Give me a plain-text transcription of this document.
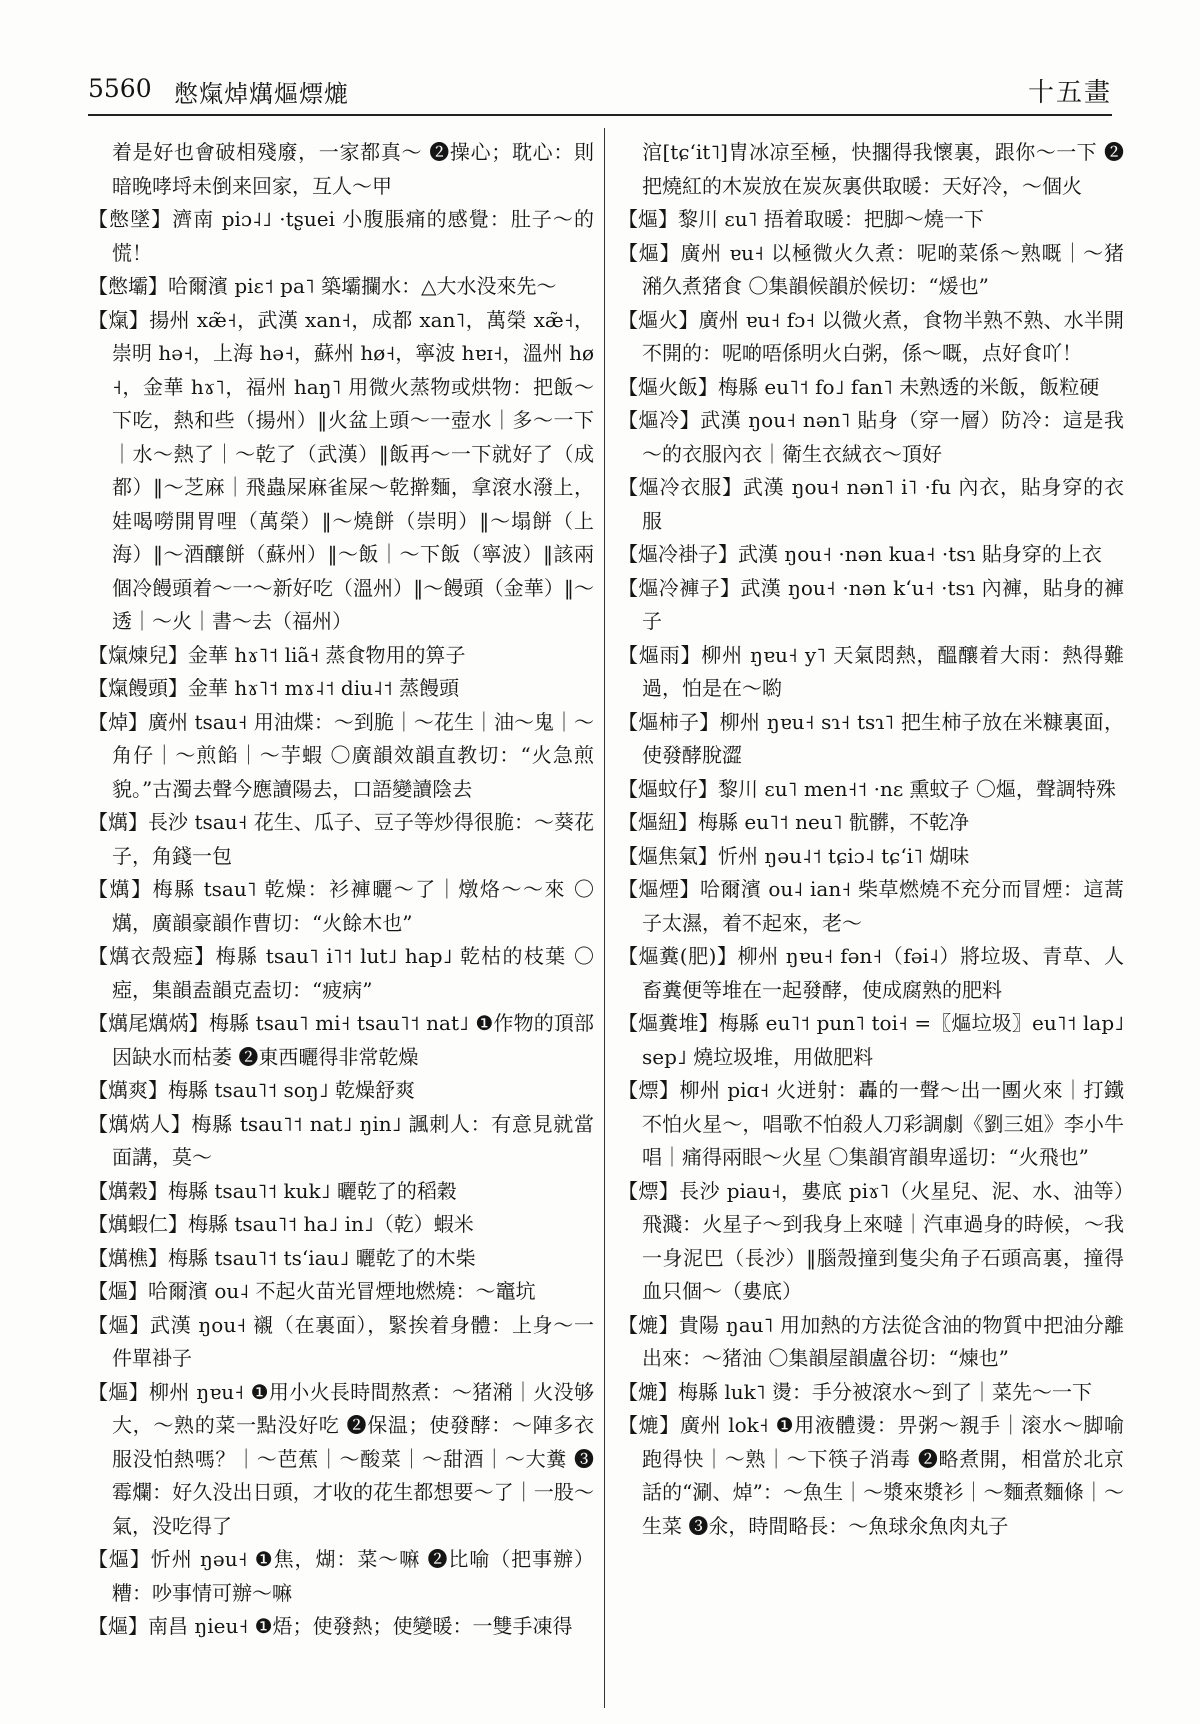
5560 憋熂焯燤熰熛熝	十五畫

着是好也會破相殘廢，一家都真～ ❷操心；耽心：則暗晚哮埒未倒来回家，互人～甲

【憋墜】濟南 piɔ˨˩ ·tʂuei 小腹脹痛的感覺：肚子～的慌！

【憋壩】哈爾濱 piɛ˦ pa˥ 築壩攔水：△大水没來先～

【熂】揚州 xæ̃˧，武漢 xan˧，成都 xan˥，萬榮 xæ̃˧，崇明 hə˧，上海 hə˧，蘇州 hø˧，寧波 hɐɪ˧，溫州 hø˧，金華 hɤ˥，福州 haŋ˥ 用微火蒸物或烘物：把飯～下吃，熱和些（揚州）‖火盆上頭～一壺水｜多～一下｜水～熱了｜～乾了（武漢）‖飯再～一下就好了（成都）‖～芝麻｜飛蟲屎麻雀屎～乾擀麵，拿滾水潑上，娃喝嘮開胃哩（萬榮）‖～燒餅（崇明）‖～塌餅（上海）‖～酒釀餅（蘇州）‖～飯｜～下飯（寧波）‖該兩個冷饅頭着～一～新好吃（溫州）‖～饅頭（金華）‖～透｜～火｜書～去（福州）

【熂煉兒】金華 hɤ˥˦ liã˧ 蒸食物用的箅子

【熂饅頭】金華 hɤ˥˦ mɤ˨˦ diu˨˦ 蒸饅頭

【焯】廣州 tsau˧ 用油煠：～到脆｜～花生｜油～鬼｜～角仔｜～煎餡｜～芋蝦 〇廣韻效韻直教切：“火急煎貌。”古濁去聲今應讀陽去，口語變讀陰去

【燤】長沙 tsau˧ 花生、瓜子、豆子等炒得很脆：～葵花子，角錢一包

【燤】梅縣 tsau˥ 乾燥：衫褲曬～了｜燉烙～～來 〇燤，廣韻豪韻作曹切：“火餘木也”

【燤衣殼瘂】梅縣 tsau˥ i˥˦ lut˩ hap˩ 乾枯的枝葉 〇瘂，集韻盍韻克盍切：“疲病”

【燤尾燤焫】梅縣 tsau˥ mi˧ tsau˥˦ nat˩ ❶作物的頂部因缺水而枯萎 ❷東西曬得非常乾燥

【燤爽】梅縣 tsau˥˦ soŋ˩ 乾燥舒爽

【燤焫人】梅縣 tsau˥˦ nat˩ ŋin˩ 諷刺人：有意見就當面講，莫～

【燤穀】梅縣 tsau˥˦ kuk˩ 曬乾了的稻穀

【燤蝦仁】梅縣 tsau˥˦ ha˩ in˩（乾）蝦米

【燤樵】梅縣 tsau˥˦ tsʻiau˩ 曬乾了的木柴

【熰】哈爾濱 ou˨ 不起火苗光冒煙地燃燒：～竈坑

【熰】武漢 ŋou˧ 襯（在裏面），緊挨着身體：上身～一件單褂子

【熰】柳州 ŋɐu˧ ❶用小火長時間熬煮：～猪潲｜火没够大，～熟的菜一點没好吃 ❷保温；使發酵：～陣多衣服没怕熱嗎？｜～芭蕉｜～酸菜｜～甜酒｜～大糞 ❸霉爛：好久没出日頭，才收的花生都想要～了｜一股～氣，没吃得了

【熰】忻州 ŋəu˧ ❶焦，煳：菜～嘛 ❷比喻（把事辦）糟：吵事情可辦～嘛

【熰】南昌 ŋieu˧ ❶焐；使發熱；使變暖：一雙手凍得

涫[tɕʻit˥]胄冰凉至極，快擱得我懷裏，跟你～一下 ❷把燒紅的木炭放在炭灰裏供取暖：天好冷，～個火

【熰】黎川 ɛu˥ 捂着取暖：把脚～燒一下

【熰】廣州 ɐu˧ 以極微火久煮：呢啲菜係～熟嘅｜～猪潲久煮猪食 〇集韻候韻於候切：“煖也”

【熰火】廣州 ɐu˧ fɔ˧ 以微火煮，食物半熟不熟、水半開不開的：呢啲唔係明火白粥，係～嘅，点好食吖！

【熰火飯】梅縣 eu˥˦ fo˩ fan˥ 未熟透的米飯，飯粒硬

【熰冷】武漢 ŋou˧ nən˥ 貼身（穿一層）防冷：這是我～的衣服內衣｜衛生衣絨衣～頂好

【熰冷衣服】武漢 ŋou˧ nən˥ i˥ ·fu 內衣，貼身穿的衣服

【熰冷褂子】武漢 ŋou˧ ·nən kua˧ ·tsɿ 貼身穿的上衣

【熰冷褲子】武漢 ŋou˧ ·nən kʻu˧ ·tsɿ 內褲，貼身的褲子

【熰雨】柳州 ŋɐu˧ y˥ 天氣悶熱，醞釀着大雨：熱得難過，怕是在～喲

【熰柿子】柳州 ŋɐu˧ sɿ˧ tsɿ˥ 把生柿子放在米糠裏面，使發酵脫澀

【熰蚊仔】黎川 ɛu˥ men˧˦ ·nɛ 熏蚊子 〇熰，聲調特殊

【熰紐】梅縣 eu˥˦ neu˥ 骯髒，不乾净

【熰焦氣】忻州 ŋəu˨˦ tɕiɔ˨ tɕʻi˥ 煳味

【熰煙】哈爾濱 ou˨ ian˧ 柴草燃燒不充分而冒煙：這蒿子太濕，着不起來，老～

【熰糞(肥)】柳州 ŋɐu˧ fən˧（fəi˨）將垃圾、青草、人畜糞便等堆在一起發酵，使成腐熟的肥料

【熰糞堆】梅縣 eu˥˦ pun˥ toi˧ =〖熰垃圾〗eu˥˦ lap˩ sep˩ 燒垃圾堆，用做肥料

【熛】柳州 piɑ˧ 火迸射：轟的一聲～出一團火來｜打鐵不怕火星～，唱歌不怕殺人刀彩調劇《劉三姐》李小牛唱｜痛得兩眼～火星 〇集韻宵韻卑遥切：“火飛也”

【熛】長沙 piau˧，婁底 piɤ˥（火星兒、泥、水、油等）飛濺：火星子～到我身上來噠｜汽車過身的時候，～我一身泥巴（長沙）‖腦殼撞到隻尖角子石頭高裏，撞得血只個～（婁底）

【熝】貴陽 ŋau˥ 用加熱的方法從含油的物質中把油分離出來：～猪油 〇集韻屋韻盧谷切：“煉也”

【熝】梅縣 luk˥ 燙：手分被滾水～到了｜菜先～一下

【熝】廣州 lok˧ ❶用液體燙：畀粥～親手｜滚水～脚喻跑得快｜～熟｜～下筷子消毒 ❷略煮開，相當於北京話的“涮、焯”：～魚生｜～漿來漿衫｜～麵煮麵條｜～生菜 ❸氽，時間略長：～魚球氽魚肉丸子
